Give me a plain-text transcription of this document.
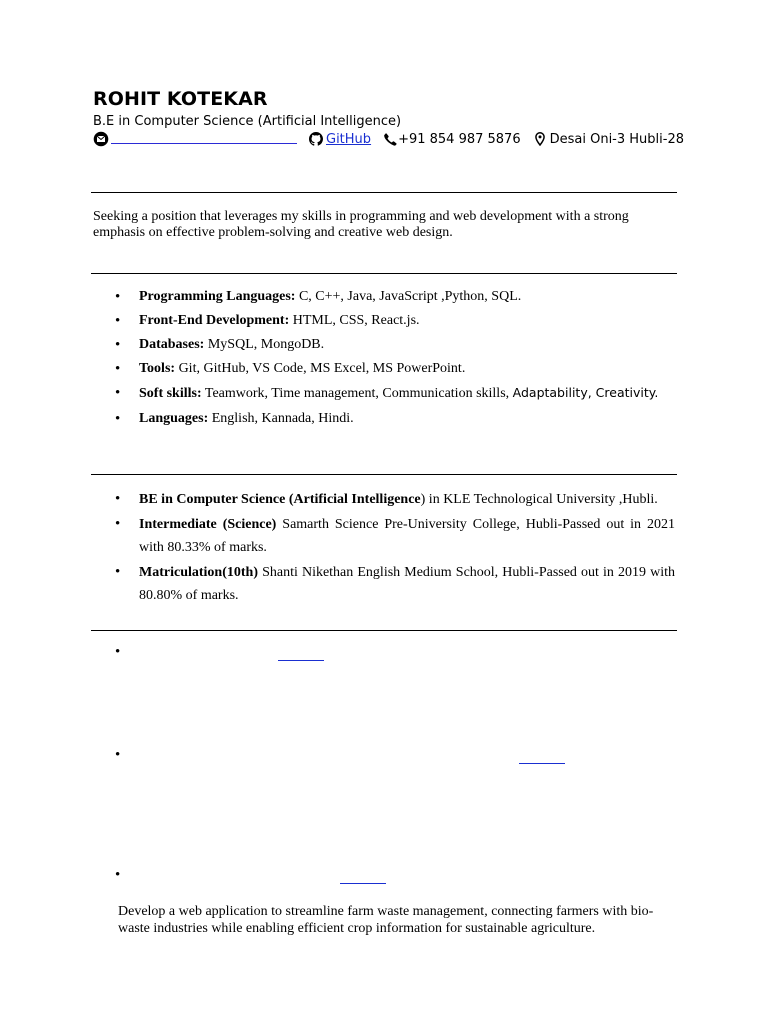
ROHIT KOTEKAR
B.E in Computer Science (Artificial Intelligence)
GitHub +91 854 987 5876 Desai Oni-3 Hubli-28
Seeking a position that leverages my skills in programming and web development with a strong emphasis on effective problem-solving and creative web design.
• Programming Languages: C, C++, Java, JavaScript ,Python, SQL.
• Front-End Development: HTML, CSS, React.js.
• Databases: MySQL, MongoDB.
• Tools: Git, GitHub, VS Code, MS Excel, MS PowerPoint.
• Soft skills: Teamwork, Time management, Communication skills, Adaptability, Creativity.
• Languages: English, Kannada, Hindi.
• BE in Computer Science (Artificial Intelligence) in KLE Technological University ,Hubli.
• Intermediate (Science) Samarth Science Pre-University College, Hubli-Passed out in 2021 with 80.33% of marks.
• Matriculation(10th) Shanti Nikethan English Medium School, Hubli-Passed out in 2019 with 80.80% of marks.
•
•
•
Develop a web application to streamline farm waste management, connecting farmers with bio-waste industries while enabling efficient crop information for sustainable agriculture.
